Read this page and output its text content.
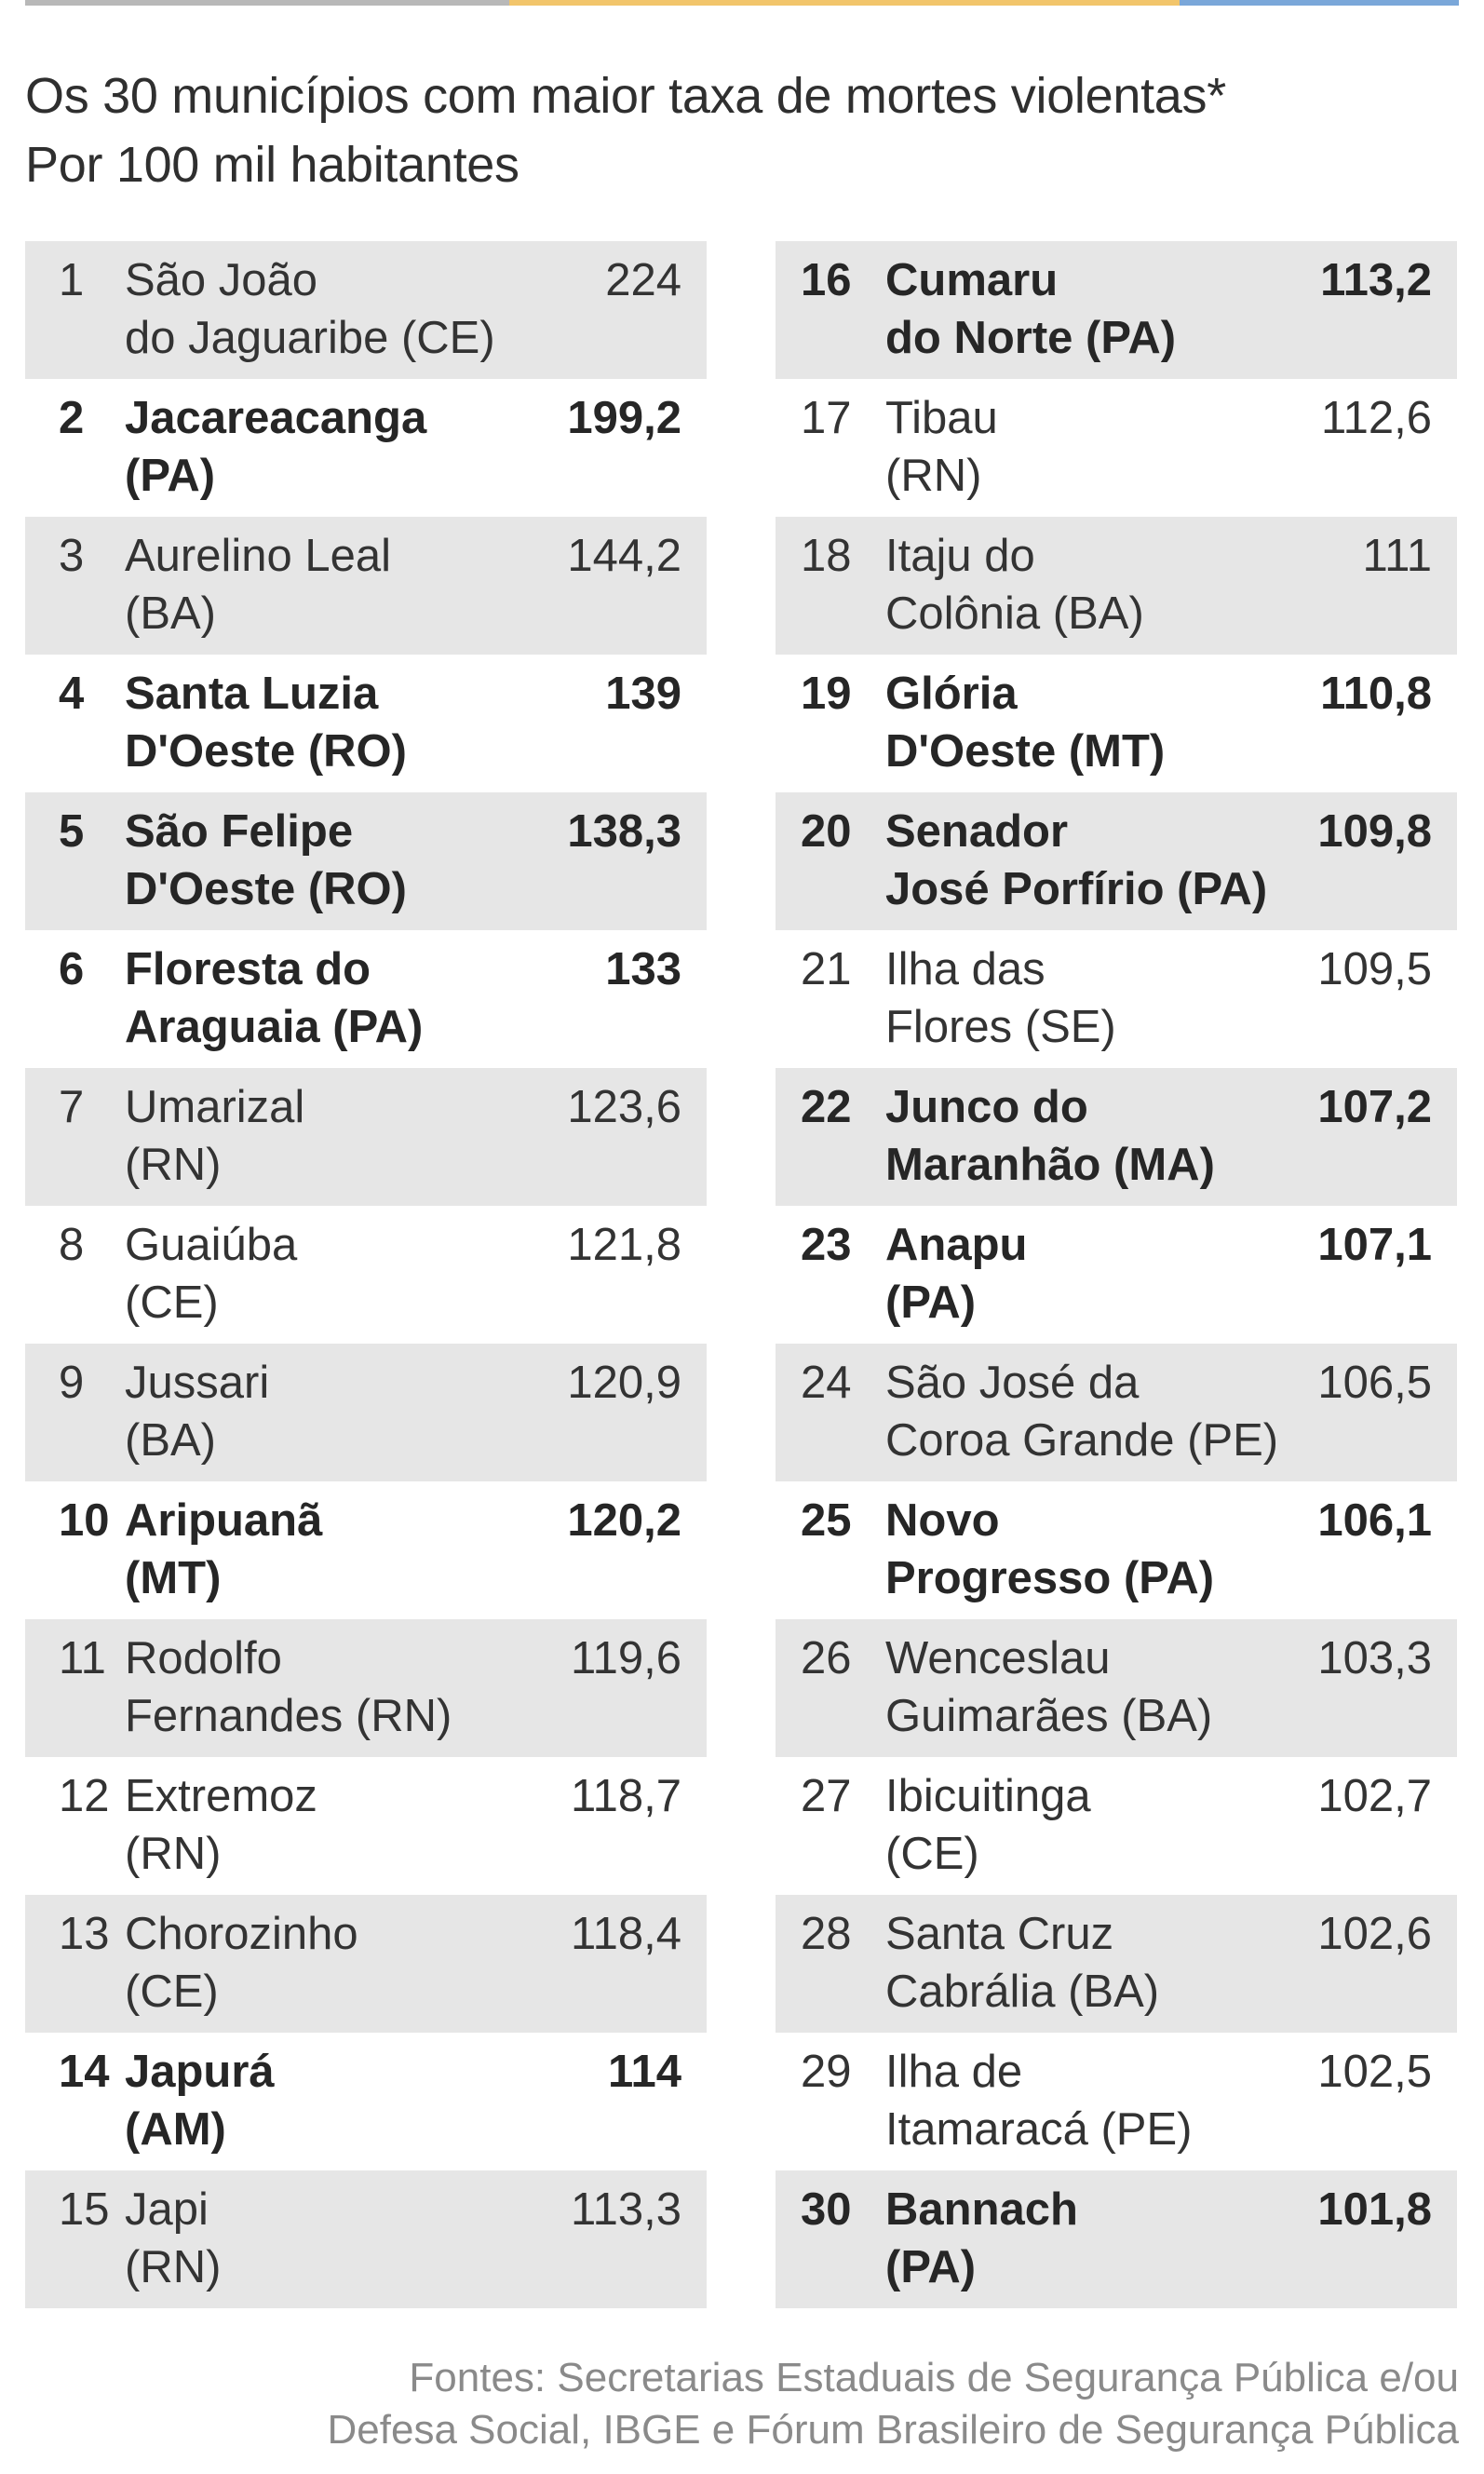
Os 30 municípios com maior taxa de mortes violentas*
Por 100 mil habitantes
1 São João
do Jaguaribe (CE)
224
2 Jacareacanga
(PA)
199,2
3 Aurelino Leal
(BA)
144,2
4 Santa Luzia
D'Oeste (RO)
139
5 São Felipe
D'Oeste (RO)
138,3
6 Floresta do
Araguaia (PA)
133
7 Umarizal
(RN)
123,6
8 Guaiúba
(CE)
121,8
9 Jussari
(BA)
120,9
10 Aripuanã
(MT)
120,2
11 Rodolfo
Fernandes (RN)
119,6
12 Extremoz
(RN)
118,7
13 Chorozinho
(CE)
118,4
14 Japurá
(AM)
114
15 Japi
(RN)
113,3
16 Cumaru
do Norte (PA)
113,2
17 Tibau
(RN)
112,6
18 Itaju do
Colônia (BA)
111
19 Glória
D'Oeste (MT)
110,8
20 Senador
José Porfírio (PA)
109,8
21 Ilha das
Flores (SE)
109,5
22 Junco do
Maranhão (MA)
107,2
23 Anapu
(PA)
107,1
24 São José da
Coroa Grande (PE)
106,5
25 Novo
Progresso (PA)
106,1
26 Wenceslau
Guimarães (BA)
103,3
27 Ibicuitinga
(CE)
102,7
28 Santa Cruz
Cabrália (BA)
102,6
29 Ilha de
Itamaracá (PE)
102,5
30 Bannach
(PA)
101,8
Fontes: Secretarias Estaduais de Segurança Pública e/ou
Defesa Social, IBGE e Fórum Brasileiro de Segurança Pública
